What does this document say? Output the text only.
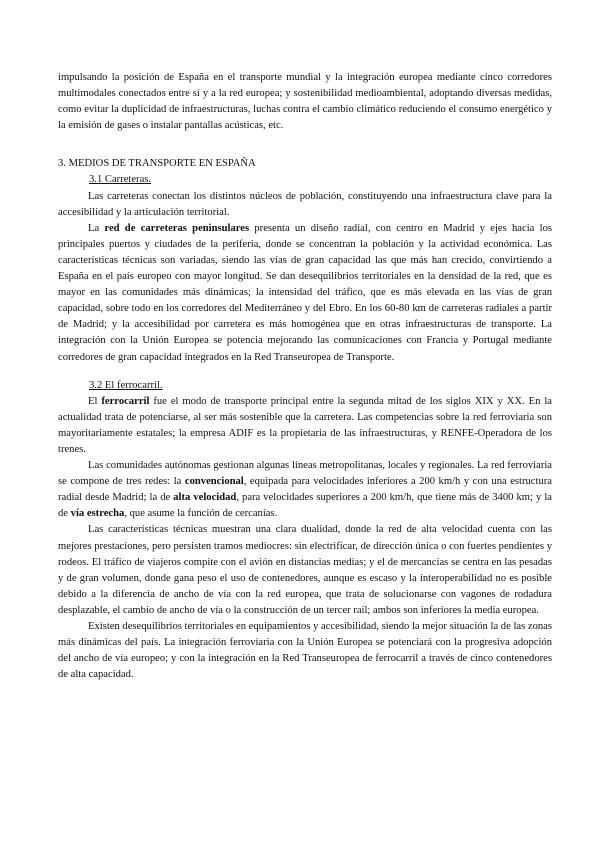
impulsando la posición de España en el transporte mundial y la integración europea mediante cinco corredores multimodales conectados entre sí y a la red europea; y sostenibilidad medioambiental, adoptando diversas medidas, como evitar la duplicidad de infraestructuras, luchas contra el cambio climático reduciendo el consumo energético y la emisión de gases o instalar pantallas acústicas, etc.

3. MEDIOS DE TRANSPORTE EN ESPAÑA

3.1 Carreteras.

Las carreteras conectan los distintos núcleos de población, constituyendo una infraestructura clave para la accesibilidad y la articulación territorial.

La red de carreteras peninsulares presenta un diseño radial, con centro en Madrid y ejes hacia los principales puertos y ciudades de la periferia, donde se concentran la población y la actividad económica. Las características técnicas son variadas, siendo las vías de gran capacidad las que más han crecido, convirtiendo a España en el país europeo con mayor longitud. Se dan desequilibrios territoriales en la densidad de la red, que es mayor en las comunidades más dinámicas; la intensidad del tráfico, que es más elevada en las vías de gran capacidad, sobre todo en los corredores del Mediterráneo y del Ebro. En los 60-80 km de carreteras radiales a partir de Madrid; y la accesibilidad por carretera es más homogénea que en otras infraestructuras de transporte. La integración con la Unión Europea se potencia mejorando las comunicaciones con Francia y Portugal mediante corredores de gran capacidad integrados en la Red Transeuropea de Transporte.

3.2 El ferrocarril.

El ferrocarril fue el modo de transporte principal entre la segunda mitad de los siglos XIX y XX. En la actualidad trata de potenciarse, al ser más sostenible que la carretera. Las competencias sobre la red ferroviaria son mayoritariamente estatales; la empresa ADIF es la propietaria de las infraestructuras, y RENFE-Operadora de los trenes.

Las comunidades autónomas gestionan algunas líneas metropolitanas, locales y regionales. La red ferroviaria se compone de tres redes: la convencional, equipada para velocidades inferiores a 200 km/h y con una estructura radial desde Madrid; la de alta velocidad, para velocidades superiores a 200 km/h, que tiene más de 3400 km; y la de vía estrecha, que asume la función de cercanías.

Las características técnicas muestran una clara dualidad, donde la red de alta velocidad cuenta con las mejores prestaciones, pero persisten tramos mediocres: sin electrificar, de dirección única o con fuertes pendientes y rodeos. El tráfico de viajeros compite con el avión en distancias medias; y el de mercancías se centra en las pesadas y de gran volumen, donde gana peso el uso de contenedores, aunque es escaso y la interoperabilidad no es posible debido a la diferencia de ancho de vía con la red europea, que trata de solucionarse con vagones de rodadura desplazable, el cambio de ancho de vía o la construcción de un tercer rail; ambos son inferiores la media europea.

Existen desequilibrios territoriales en equipamientos y accesibilidad, siendo la mejor situación la de las zonas más dinámicas del país. La integración ferroviaria con la Unión Europea se potenciará con la progresiva adopción del ancho de vía europeo; y con la integración en la Red Transeuropea de ferrocarril a través de cinco contenedores de alta capacidad.
